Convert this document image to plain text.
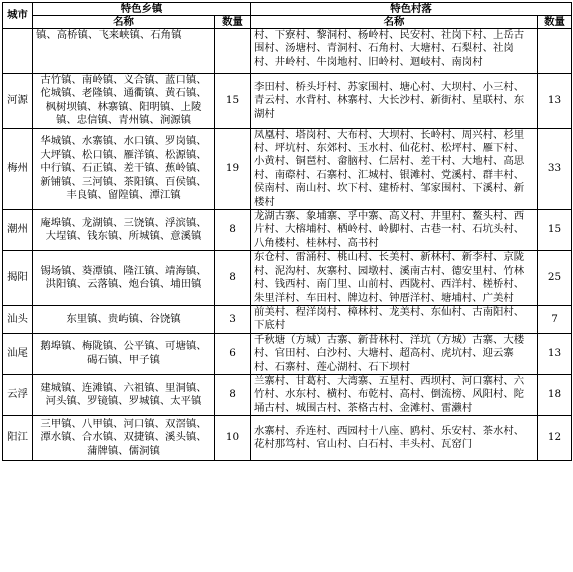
城市	特色乡镇		特色村落	
	名称	数量	名称	数量
	镇、高桥镇、飞来峡镇、石角镇		村、下寮村、黎洞村、杨岭村、民安村、社岗下村、上岳古围村、汤塘村、青洞村、石角村、大塘村、石梨村、社岗村、井岭村、牛岗地村、旧岭村、迴岐村、南岗村	
河源	古竹镇、南岭镇、义合镇、蓝口镇、佗城镇、老隆镇、通衢镇、黄石镇、枫树坝镇、林寨镇、阳明镇、上陵镇、忠信镇、青州镇、涧源镇	15	李田村、桥头圩村、苏家围村、塘心村、大坝村、小三村、青云村、水背村、林寨村、大长沙村、新街村、星联村、东湖村	13
梅州	华城镇、水寨镇、水口镇、罗岗镇、大坪镇、松口镇、雁洋镇、松源镇、中行镇、石正镇、差干镇、蕉岭镇、新铺镇、三河镇、茶阳镇、百侯镇、丰良镇、留隍镇、潭江镇	19	凤凰村、塔岗村、大布村、大坝村、长岭村、周兴村、杉里村、坪坑村、东郊村、玉水村、仙花村、松坪村、雁下村、小黄村、铜琶村、畲脑村、仁居村、差干村、大地村、高思村、南磜村、石寨村、汇城村、银滩村、党溪村、群丰村、侯南村、南山村、坎下村、建桥村、邹家围村、下溪村、新楼村	33
潮州	庵埠镇、龙湖镇、三饶镇、浮滨镇、大埕镇、钱东镇、所城镇、意溪镇	8	龙湖古寨、象埔寨、孚中寨、高义村、井里村、鳌头村、西片村、大榕埔村、栖岭村、岭脚村、古巷一村、石坑头村、八角楼村、桂林村、高书村	15
揭阳	锡场镇、葵潭镇、隆江镇、靖海镇、洪阳镇、云落镇、炮台镇、埔田镇	8	东仓村、雷涌村、桃山村、长美村、新林村、新李村、京陇村、泥沟村、灰寨村、园墩村、溪南古村、德安里村、竹林村、钱西村、南门里、山前村、西陇村、西洋村、槎桥村、朱里洋村、车田村、牌边村、钟厝洋村、塘埔村、广美村	25
汕头	东里镇、贵屿镇、谷饶镇	3	前美村、程洋岗村、樟林村、龙美村、东仙村、古南阳村、下底村	7
汕尾	鹅埠镇、梅陇镇、公平镇、可塘镇、碣石镇、甲子镇	6	千秋塘（方城）古寨、新昔林村、洋坑（方城）古寨、大楼村、官田村、白沙村、大塘村、超高村、虎坑村、迎云寨村、石寨村、莲心湖村、石下坝村	13
云浮	建城镇、连滩镇、六祖镇、里洞镇、河头镇、罗镜镇、罗城镇、太平镇	8	兰寨村、甘葛村、大湾寨、五星村、西坝村、河口寨村、六竹村、水东村、横村、布乾村、高村、倒流榜、风阳村、陀埇古村、城围古村、茶格古村、金滩村、雷濑村	18
阳江	三甲镇、八甲镇、河口镇、双滘镇、潭水镇、合水镇、双捷镇、溪头镇、蒲牌镇、儒洞镇	10	水寨村、乔连村、西园村十八座、鸥村、乐安村、茶水村、花村那笃村、官山村、白石村、丰头村、瓦窑门	12
